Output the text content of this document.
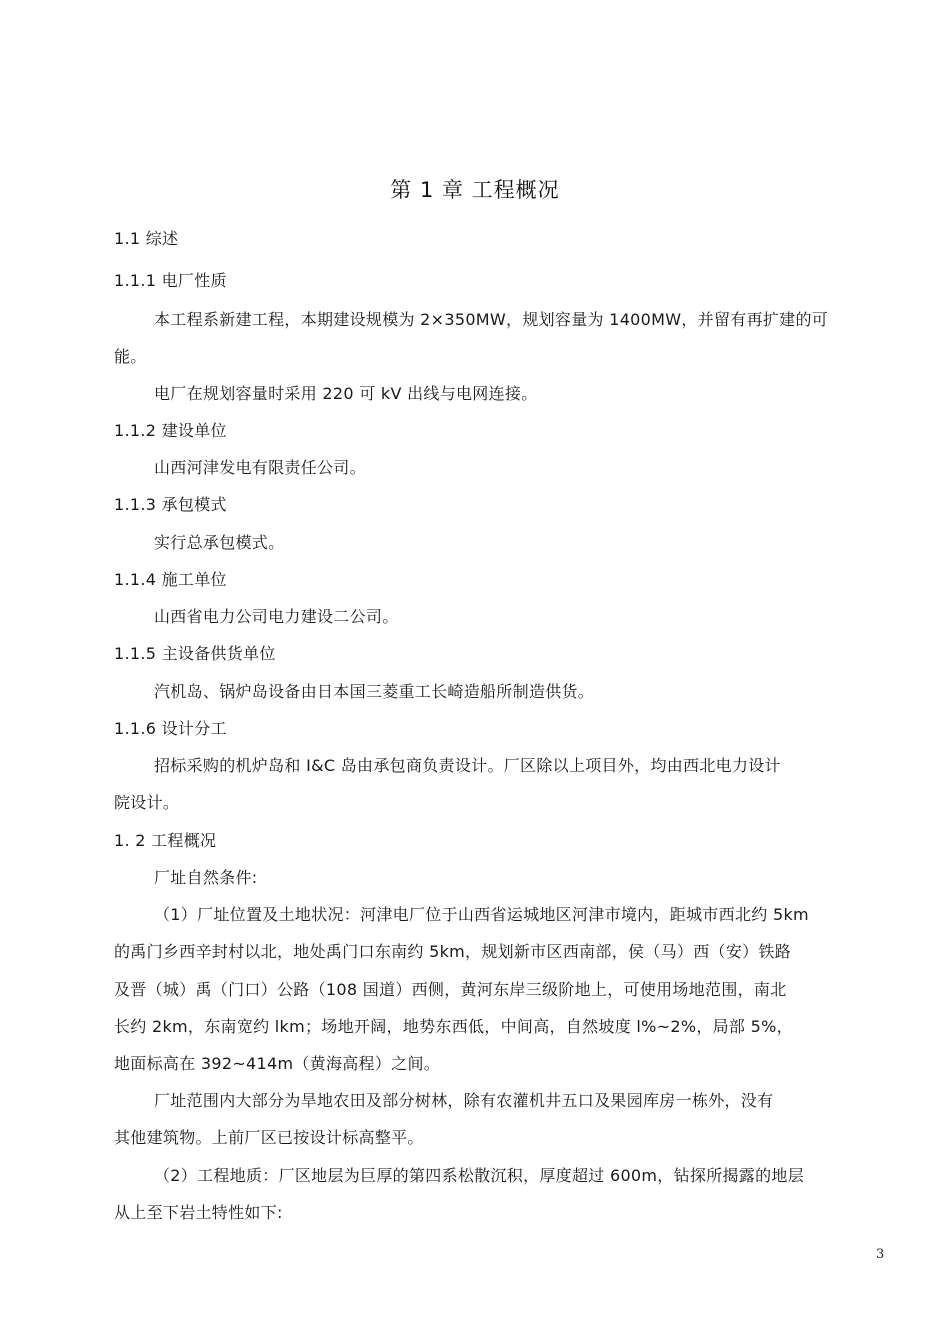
第 1 章 工程概况
1.1 综述
1.1.1 电厂性质
本工程系新建工程，本期建设规模为 2×350MW，规划容量为 1400MW，并留有再扩建的可
能。
电厂在规划容量时采用 220 可 kV 出线与电网连接。
1.1.2 建设单位
山西河津发电有限责任公司。
1.1.3 承包模式
实行总承包模式。
1.1.4 施工单位
山西省电力公司电力建设二公司。
1.1.5 主设备供货单位
汽机岛、锅炉岛设备由日本国三菱重工长崎造船所制造供货。
1.1.6 设计分工
招标采购的机炉岛和 I&C 岛由承包商负责设计。厂区除以上项目外，均由西北电力设计
院设计。
1. 2 工程概况
厂址自然条件:
（1）厂址位置及土地状况：河津电厂位于山西省运城地区河津市境内，距城市西北约 5km
的禹门乡西辛封村以北，地处禹门口东南约 5km，规划新市区西南部，侯（马）西（安）铁路
及晋（城）禹（门口）公路（108 国道）西侧，黄河东岸三级阶地上，可使用场地范围，南北
长约 2km，东南宽约 lkm；场地开阔，地势东西低，中间高，自然坡度 l%~2%，局部 5%，
地面标高在 392~414m（黄海高程）之间。
厂址范围内大部分为旱地农田及部分树林，除有农灌机井五口及果园库房一栋外，没有
其他建筑物。上前厂区已按设计标高整平。
（2）工程地质：厂区地层为巨厚的第四系松散沉积，厚度超过 600m，钻探所揭露的地层
从上至下岩土特性如下:
3
